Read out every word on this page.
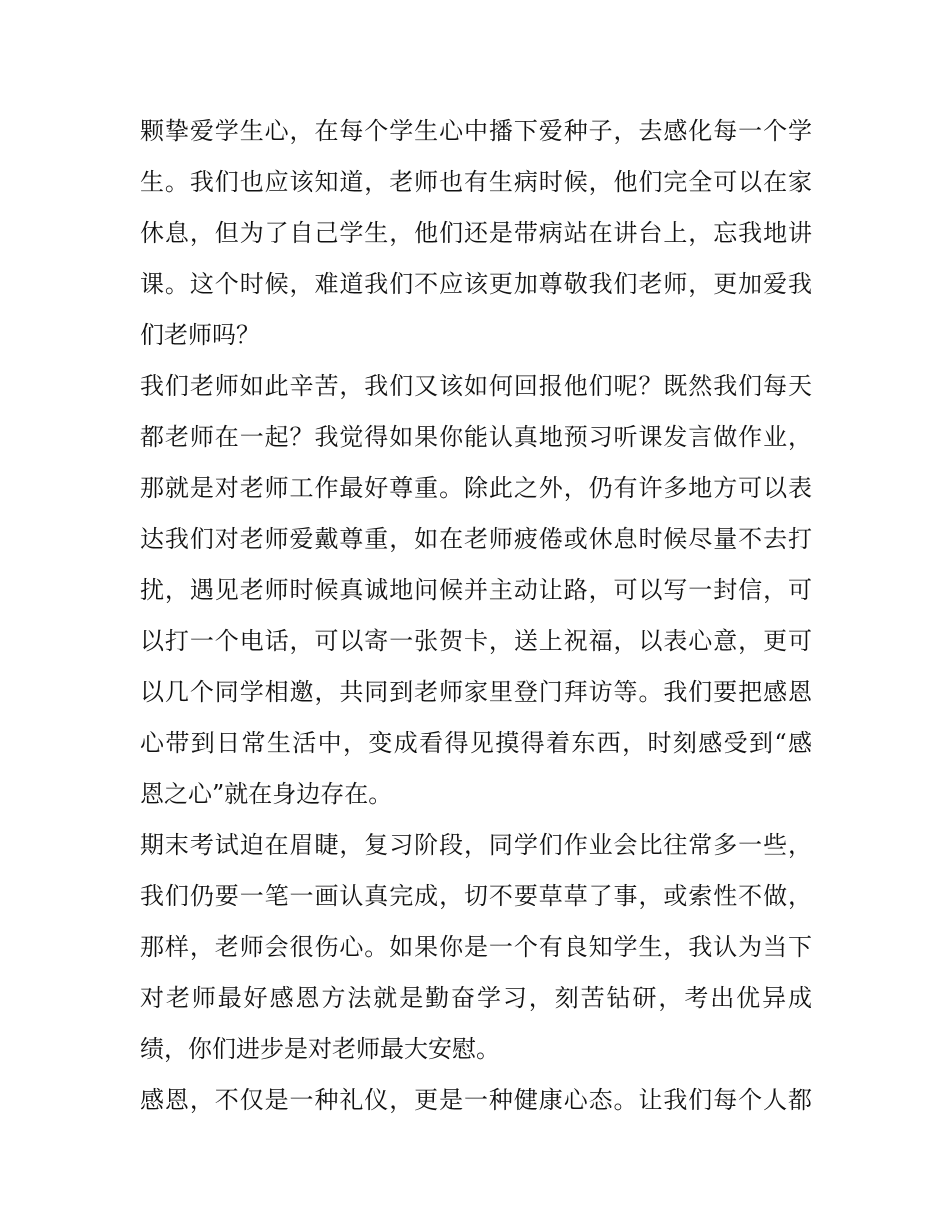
颗挚爱学生心，在每个学生心中播下爱种子，去感化每一个学
生。我们也应该知道，老师也有生病时候，他们完全可以在家
休息，但为了自己学生，他们还是带病站在讲台上，忘我地讲
课。这个时候，难道我们不应该更加尊敬我们老师，更加爱我
们老师吗？
我们老师如此辛苦，我们又该如何回报他们呢？既然我们每天
都老师在一起？我觉得如果你能认真地预习听课发言做作业，
那就是对老师工作最好尊重。除此之外，仍有许多地方可以表
达我们对老师爱戴尊重，如在老师疲倦或休息时候尽量不去打
扰，遇见老师时候真诚地问候并主动让路，可以写一封信，可
以打一个电话，可以寄一张贺卡，送上祝福，以表心意，更可
以几个同学相邀，共同到老师家里登门拜访等。我们要把感恩
心带到日常生活中，变成看得见摸得着东西，时刻感受到“感
恩之心”就在身边存在。
期末考试迫在眉睫，复习阶段，同学们作业会比往常多一些，
我们仍要一笔一画认真完成，切不要草草了事，或索性不做，
那样，老师会很伤心。如果你是一个有良知学生，我认为当下
对老师最好感恩方法就是勤奋学习，刻苦钻研，考出优异成
绩，你们进步是对老师最大安慰。
感恩，不仅是一种礼仪，更是一种健康心态。让我们每个人都
